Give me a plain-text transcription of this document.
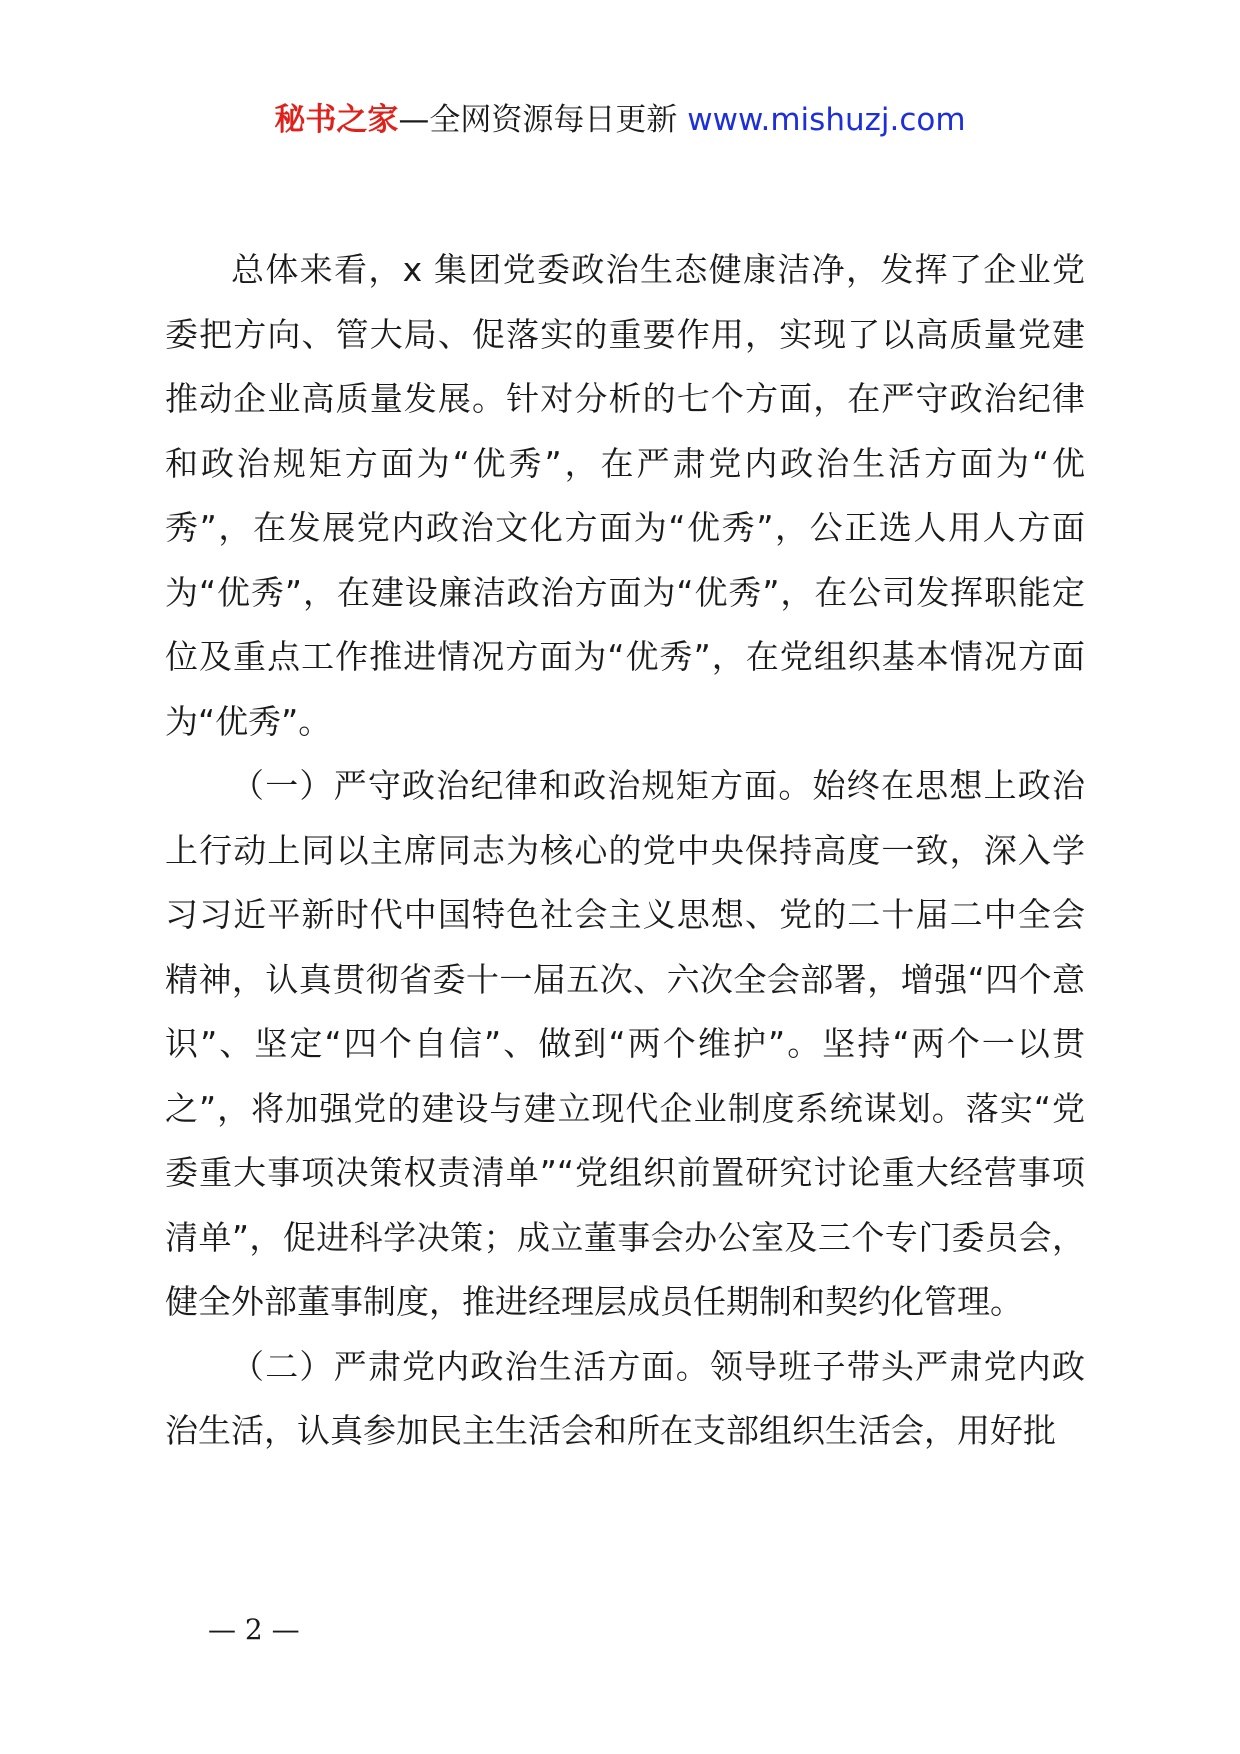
秘书之家—全网资源每日更新 www.mishuzj.com

总体来看，x 集团党委政治生态健康洁净，发挥了企业党委把方向、管大局、促落实的重要作用，实现了以高质量党建推动企业高质量发展。针对分析的七个方面，在严守政治纪律和政治规矩方面为“优秀”，在严肃党内政治生活方面为“优秀”，在发展党内政治文化方面为“优秀”，公正选人用人方面为“优秀”，在建设廉洁政治方面为“优秀”，在公司发挥职能定位及重点工作推进情况方面为“优秀”，在党组织基本情况方面为“优秀”。

（一）严守政治纪律和政治规矩方面。始终在思想上政治上行动上同以主席同志为核心的党中央保持高度一致，深入学习习近平新时代中国特色社会主义思想、党的二十届二中全会精神，认真贯彻省委十一届五次、六次全会部署，增强“四个意识”、坚定“四个自信”、做到“两个维护”。坚持“两个一以贯之”，将加强党的建设与建立现代企业制度系统谋划。落实“党委重大事项决策权责清单”“党组织前置研究讨论重大经营事项清单”，促进科学决策；成立董事会办公室及三个专门委员会，健全外部董事制度，推进经理层成员任期制和契约化管理。

（二）严肃党内政治生活方面。领导班子带头严肃党内政治生活，认真参加民主生活会和所在支部组织生活会，用好批

— 2 —
